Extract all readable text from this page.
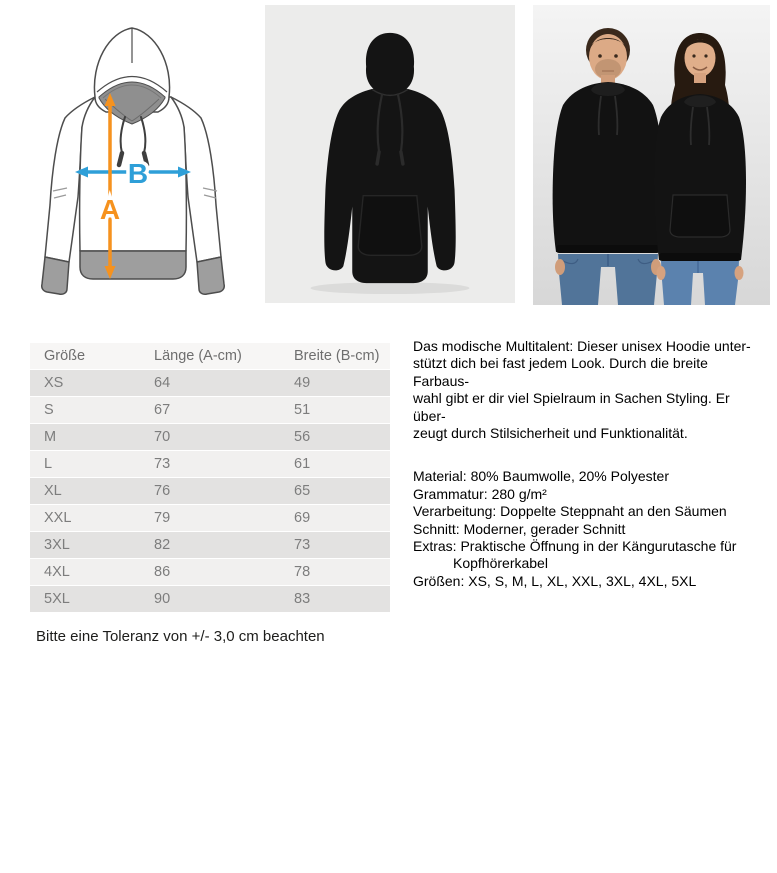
B
A
Größe	Länge (A-cm)	Breite (B-cm)
XS	64	49
S	67	51
M	70	56
L	73	61
XL	76	65
XXL	79	69
3XL	82	73
4XL	86	78
5XL	90	83
Bitte eine Toleranz von +/- 3,0 cm beachten

Das modische Multitalent: Dieser unisex Hoodie unter-
stützt dich bei fast jedem Look. Durch die breite Farbaus-
wahl gibt er dir viel Spielraum in Sachen Styling. Er über-
zeugt durch Stilsicherheit und Funktionalität.

Material: 80% Baumwolle, 20% Polyester
Grammatur: 280 g/m²
Verarbeitung: Doppelte Steppnaht an den Säumen
Schnitt: Moderner, gerader Schnitt
Extras: Praktische Öffnung in der Kängurutasche für
Kopfhörerkabel
Größen: XS, S, M, L, XL, XXL, 3XL, 4XL, 5XL
